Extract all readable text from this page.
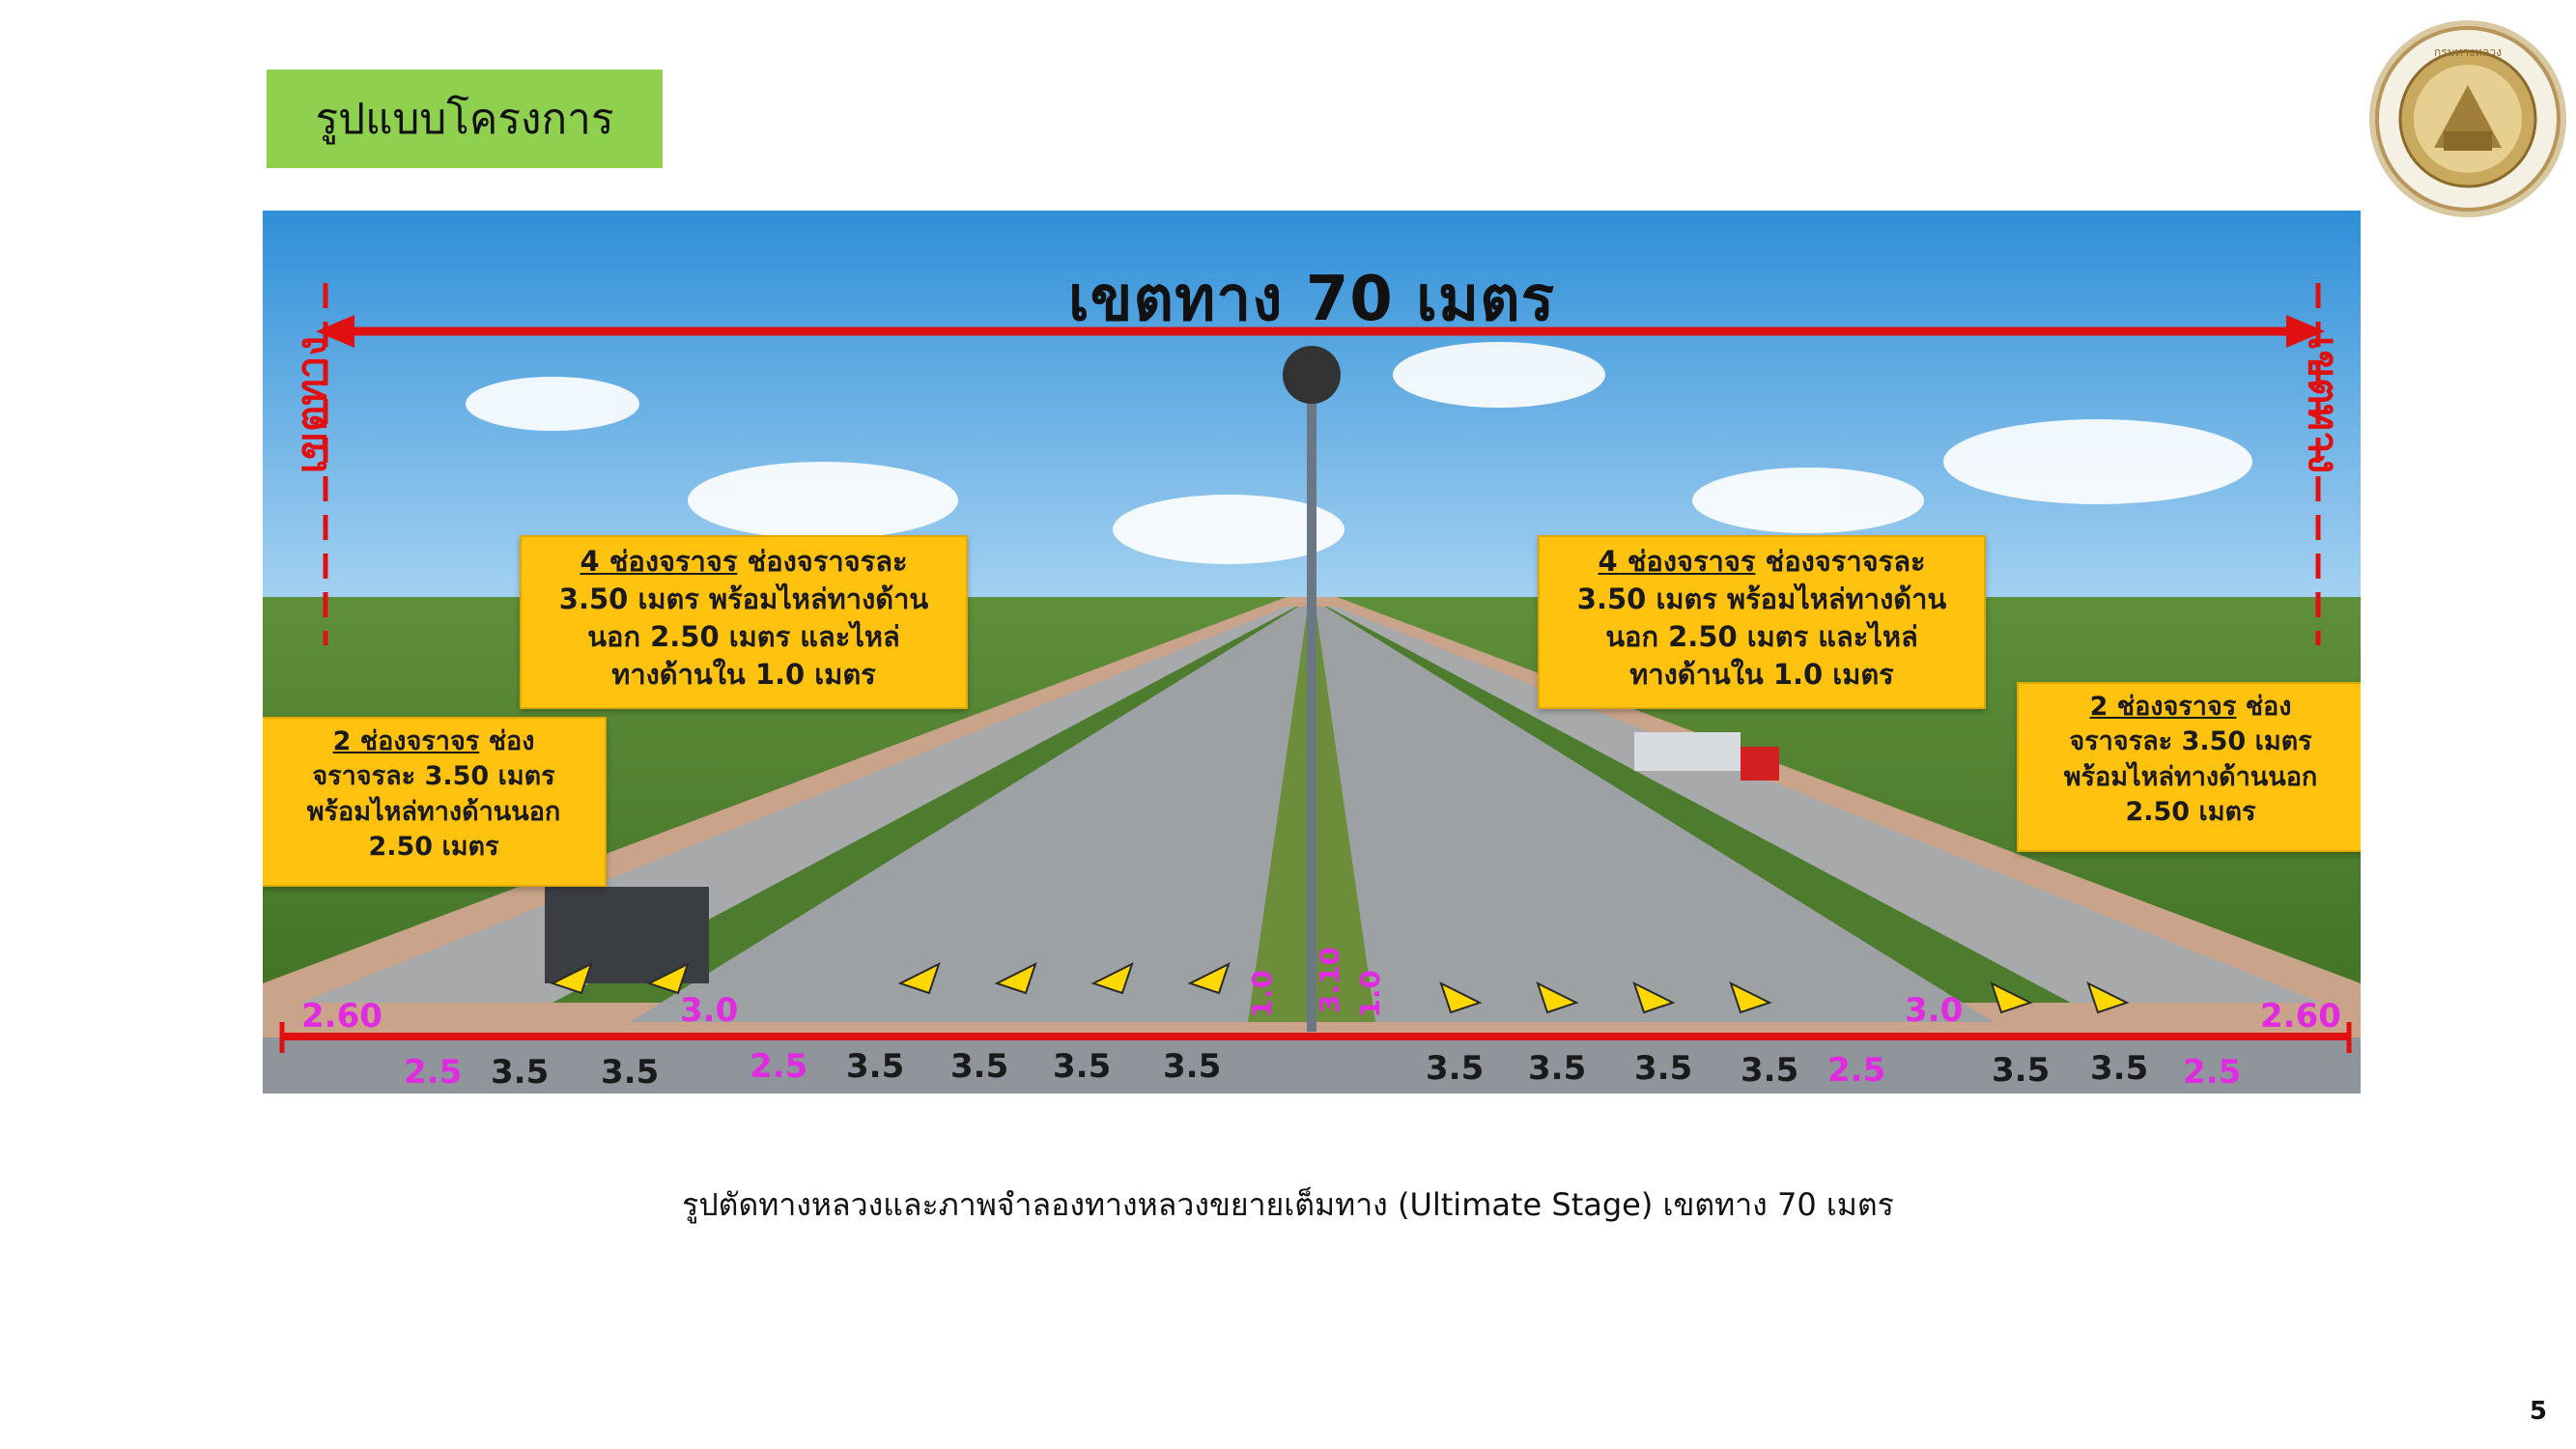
รูปแบบโครงการ
กรมทางหลวง
เขตทาง 70 เมตร
เขตทาง	เขตทาง
4 ช่องจราจร ช่องจราจรละ
3.50 เมตร พร้อมไหล่ทางด้าน
นอก 2.50 เมตร และไหล่
ทางด้านใน 1.0 เมตร
4 ช่องจราจร ช่องจราจรละ
3.50 เมตร พร้อมไหล่ทางด้าน
นอก 2.50 เมตร และไหล่
ทางด้านใน 1.0 เมตร
2 ช่องจราจร ช่อง
จราจรละ 3.50 เมตร
พร้อมไหล่ทางด้านนอก
2.50 เมตร
2 ช่องจราจร ช่อง
จราจรละ 3.50 เมตร
พร้อมไหล่ทางด้านนอก
2.50 เมตร
2.60	3.0	1.0 3.10 1.0	3.0	2.60
2.5 3.5 3.5	2.5 3.5 3.5 3.5 3.5	3.5 3.5 3.5 3.5 2.5	3.5 3.5 2.5
รูปตัดทางหลวงและภาพจำลองทางหลวงขยายเต็มทาง (Ultimate Stage) เขตทาง 70 เมตร
5
